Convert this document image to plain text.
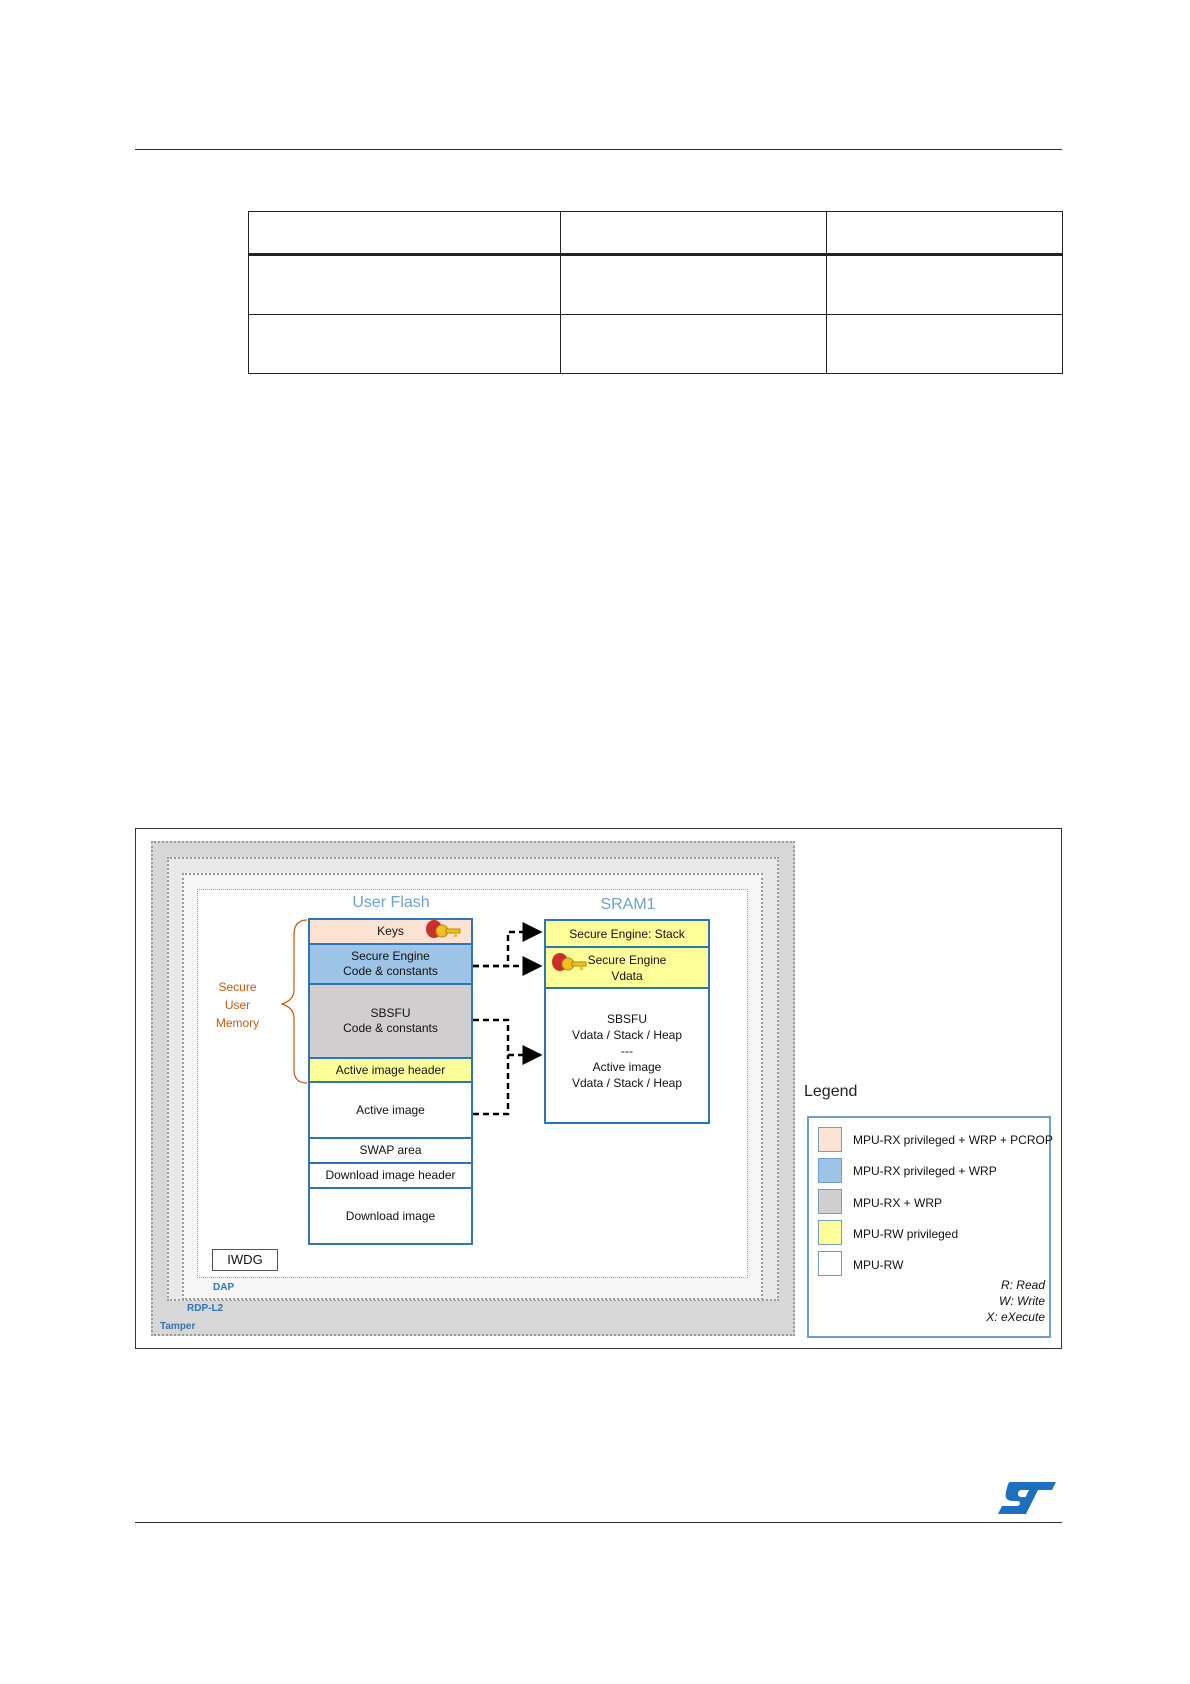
DAP
RDP-L2
Tamper
User Flash	SRAM1
Secure
User
Memory
Keys
Secure Engine
Code & constants
SBSFU
Code & constants
Active image header
Active image
SWAP area
Download image header
Download image
Secure Engine: Stack
Secure Engine
Vdata
SBSFU
Vdata / Stack / Heap
---
Active image
Vdata / Stack / Heap
IWDG
Legend
MPU-RX privileged + WRP + PCROP
MPU-RX privileged + WRP
MPU-RX + WRP
MPU-RW privileged
MPU-RW
R: Read
W: Write
X: eXecute
